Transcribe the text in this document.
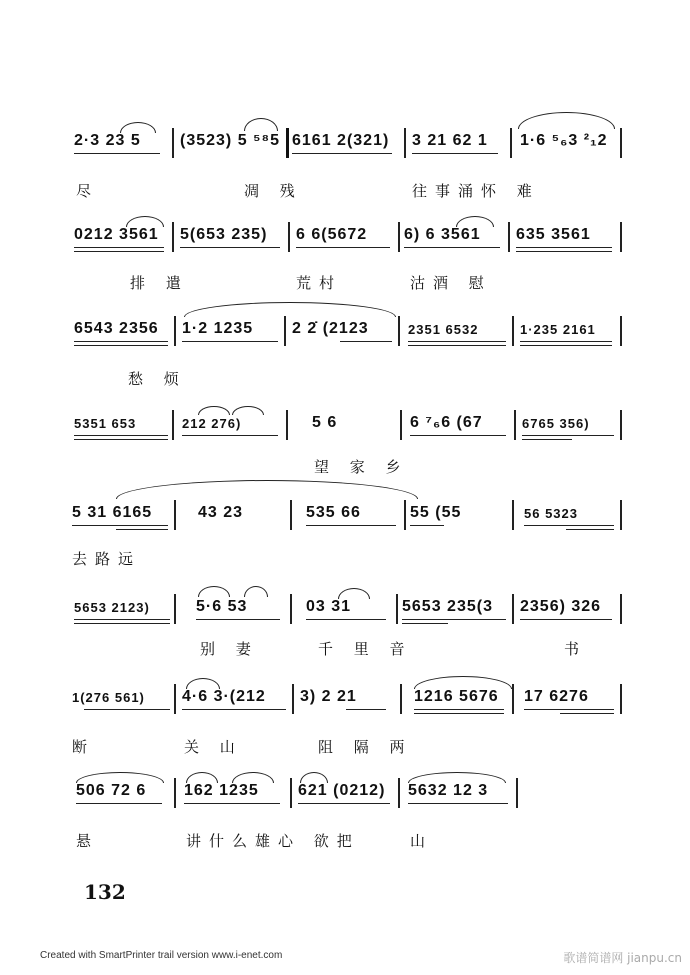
2·3 23 5 (3523) 5 ⁵⁸5 6161 2(321) 3 21 62 1 1·6 ⁵₆3 ²₁2
尽	凋 残	往事涌怀 难
0212 3561 5(653 235) 6 6(5672 6) 6 3561 635 3561
排 遣	荒村	沽酒 慰
6543 2356 1·2 1235 2 2̇ (2123	2351 6532	1·235 2161
愁 烦
5351 653	212 276)	5 6	6 ⁷₆6 (67	6765 356)
望 家 乡
5 31 6165	43 23	535 66	55 (55	56 5323
去路远
5653 2123)	5·6 53	03 31	5653 235(3 2356) 326
别 妻	千 里 音	书
1(276 561) 4·6 3·(212 3) 2 21	1216 5676 17 6276
断	关 山	阻 隔 两
506 72 6 162 1235 621 (0212) 5632 12 3
悬	讲什么雄心 欲把	山
132
Created with SmartPrinter trail version www.i-enet.com	歌谱简谱网 jianpu.cn
